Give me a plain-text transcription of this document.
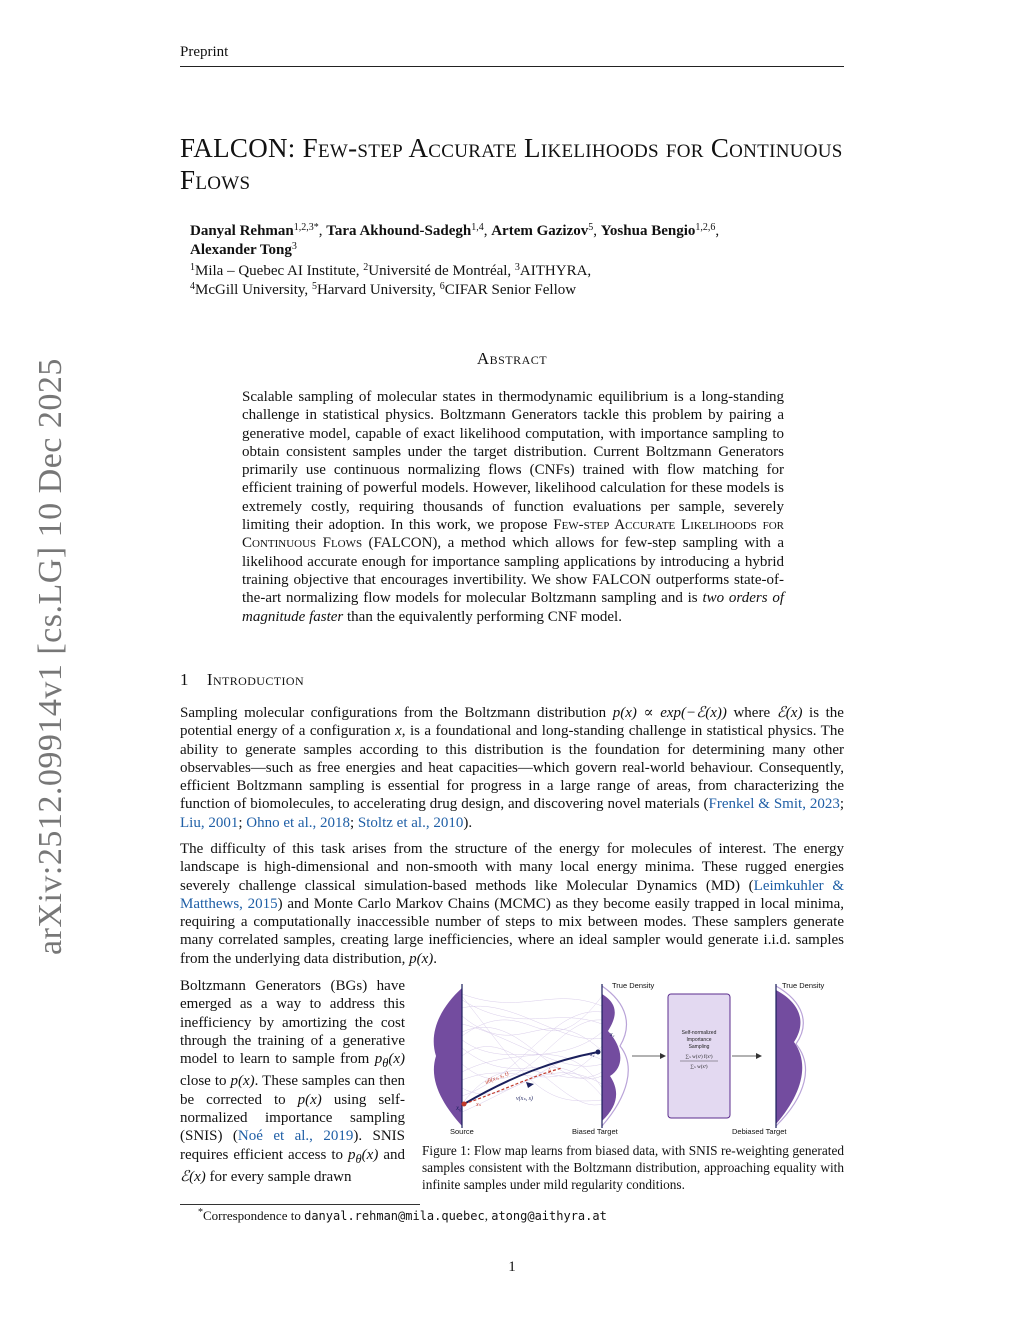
Preprint
arXiv:2512.09914v1 [cs.LG] 10 Dec 2025
FALCON: Few-step Accurate Likelihoods for Continuous Flows
Danyal Rehman$^{1,2,3*}$, Tara Akhound-Sadegh$^{1,4}$, Artem Gazizov$^5$, Yoshua Bengio$^{1,2,6}$,
Alexander Tong$^3$
$^1$Mila – Quebec AI Institute, $^2$Université de Montréal, $^3$AITHYRA,
$^4$McGill University, $^5$Harvard University, $^6$CIFAR Senior Fellow
Abstract
Scalable sampling of molecular states in thermodynamic equilibrium is a long-standing challenge in statistical physics. Boltzmann Generators tackle this problem by pairing a generative model, capable of exact likelihood computation, with importance sampling to obtain consistent samples under the target distribution. Current Boltzmann Generators primarily use continuous normalizing flows (CNFs) trained with flow matching for efficient training of powerful models. However, likelihood calculation for these models is extremely costly, requiring thousands of function evaluations per sample, severely limiting their adoption. In this work, we propose Few-step Accurate Likelihoods for Continuous Flows (FALCON), a method which allows for few-step sampling with a likelihood accurate enough for importance sampling applications by introducing a hybrid training objective that encourages invertibility. We show FALCON outperforms state-of-the-art normalizing flow models for molecular Boltzmann sampling and is two orders of magnitude faster than the equivalently performing CNF model.
1 Introduction
Sampling molecular configurations from the Boltzmann distribution p(x) ∝ exp(−ℰ(x)) where ℰ(x) is the potential energy of a configuration x, is a foundational and long-standing challenge in statistical physics. The ability to generate samples according to this distribution is the foundation for determining many other observables—such as free energies and heat capacities—which govern real-world behaviour. Consequently, efficient Boltzmann sampling is essential for progress in a large range of areas, from characterizing the function of biomolecules, to accelerating drug design, and discovering novel materials (Frenkel & Smit, 2023; Liu, 2001; Ohno et al., 2018; Stoltz et al., 2010).
The difficulty of this task arises from the structure of the energy for molecules of interest. The energy landscape is high-dimensional and non-smooth with many local energy minima. These rugged energies severely challenge classical simulation-based methods like Molecular Dynamics (MD) (Leimkuhler & Matthews, 2015) and Monte Carlo Markov Chains (MCMC) as they become easily trapped in local minima, requiring a computationally inaccessible number of steps to mix between modes. These samplers generate many correlated samples, creating large inefficiencies, where an ideal sampler would generate i.i.d. samples from the underlying data distribution, p(x).
Boltzmann Generators (BGs) have emerged as a way to address this inefficiency by amortizing the cost through the training of a generative model to learn to sample from $p_\theta(x)$ close to p(x). These samples can then be corrected to p(x) using self-normalized importance sampling (SNIS) (Noé et al., 2019). SNIS requires efficient access to $p_\theta(x)$ and ℰ(x) for every sample drawn
x₀ xₛ
v(xₛ, s)
uθ(xₛ, s, t)	x̂₁
x₁
x₁	Self-normalized
Importance
Sampling
∑ₛ w(xˢ) f(xˢ)
∑ₛ w(xˢ)
True Density	True Density
Source	Biased Target	Debiased Target
Figure 1: Flow map learns from biased data, with SNIS re-weighting generated samples consistent with the Boltzmann distribution, approaching equality with infinite samples under mild regularity conditions.
*Correspondence to danyal.rehman@mila.quebec, atong@aithyra.at
1
